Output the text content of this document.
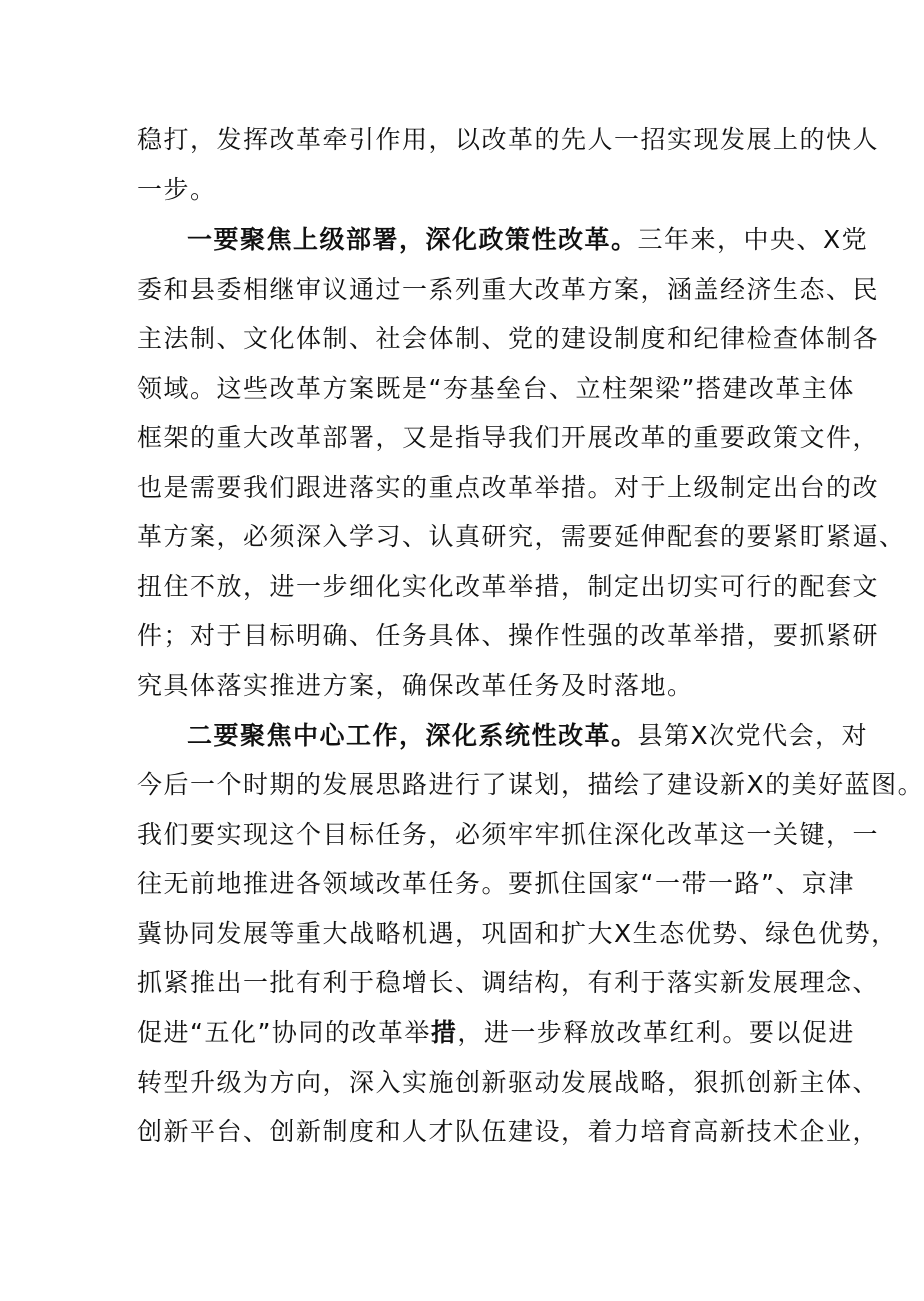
稳打，发挥改革牵引作用，以改革的先人一招实现发展上的快人
一步。
一要聚焦上级部署，深化政策性改革。三年来，中央、X党
委和县委相继审议通过一系列重大改革方案，涵盖经济生态、民
主法制、文化体制、社会体制、党的建设制度和纪律检查体制各
领域。这些改革方案既是“夯基垒台、立柱架梁”搭建改革主体
框架的重大改革部署，又是指导我们开展改革的重要政策文件，
也是需要我们跟进落实的重点改革举措。对于上级制定出台的改
革方案，必须深入学习、认真研究，需要延伸配套的要紧盯紧逼、
扭住不放，进一步细化实化改革举措，制定出切实可行的配套文
件；对于目标明确、任务具体、操作性强的改革举措，要抓紧研
究具体落实推进方案，确保改革任务及时落地。
二要聚焦中心工作，深化系统性改革。县第X次党代会，对
今后一个时期的发展思路进行了谋划，描绘了建设新X的美好蓝图。
我们要实现这个目标任务，必须牢牢抓住深化改革这一关键，一
往无前地推进各领域改革任务。要抓住国家“一带一路”、京津
冀协同发展等重大战略机遇，巩固和扩大X生态优势、绿色优势，
抓紧推出一批有利于稳增长、调结构，有利于落实新发展理念、
促进“五化”协同的改革举措，进一步释放改革红利。要以促进
转型升级为方向，深入实施创新驱动发展战略，狠抓创新主体、
创新平台、创新制度和人才队伍建设，着力培育高新技术企业，
